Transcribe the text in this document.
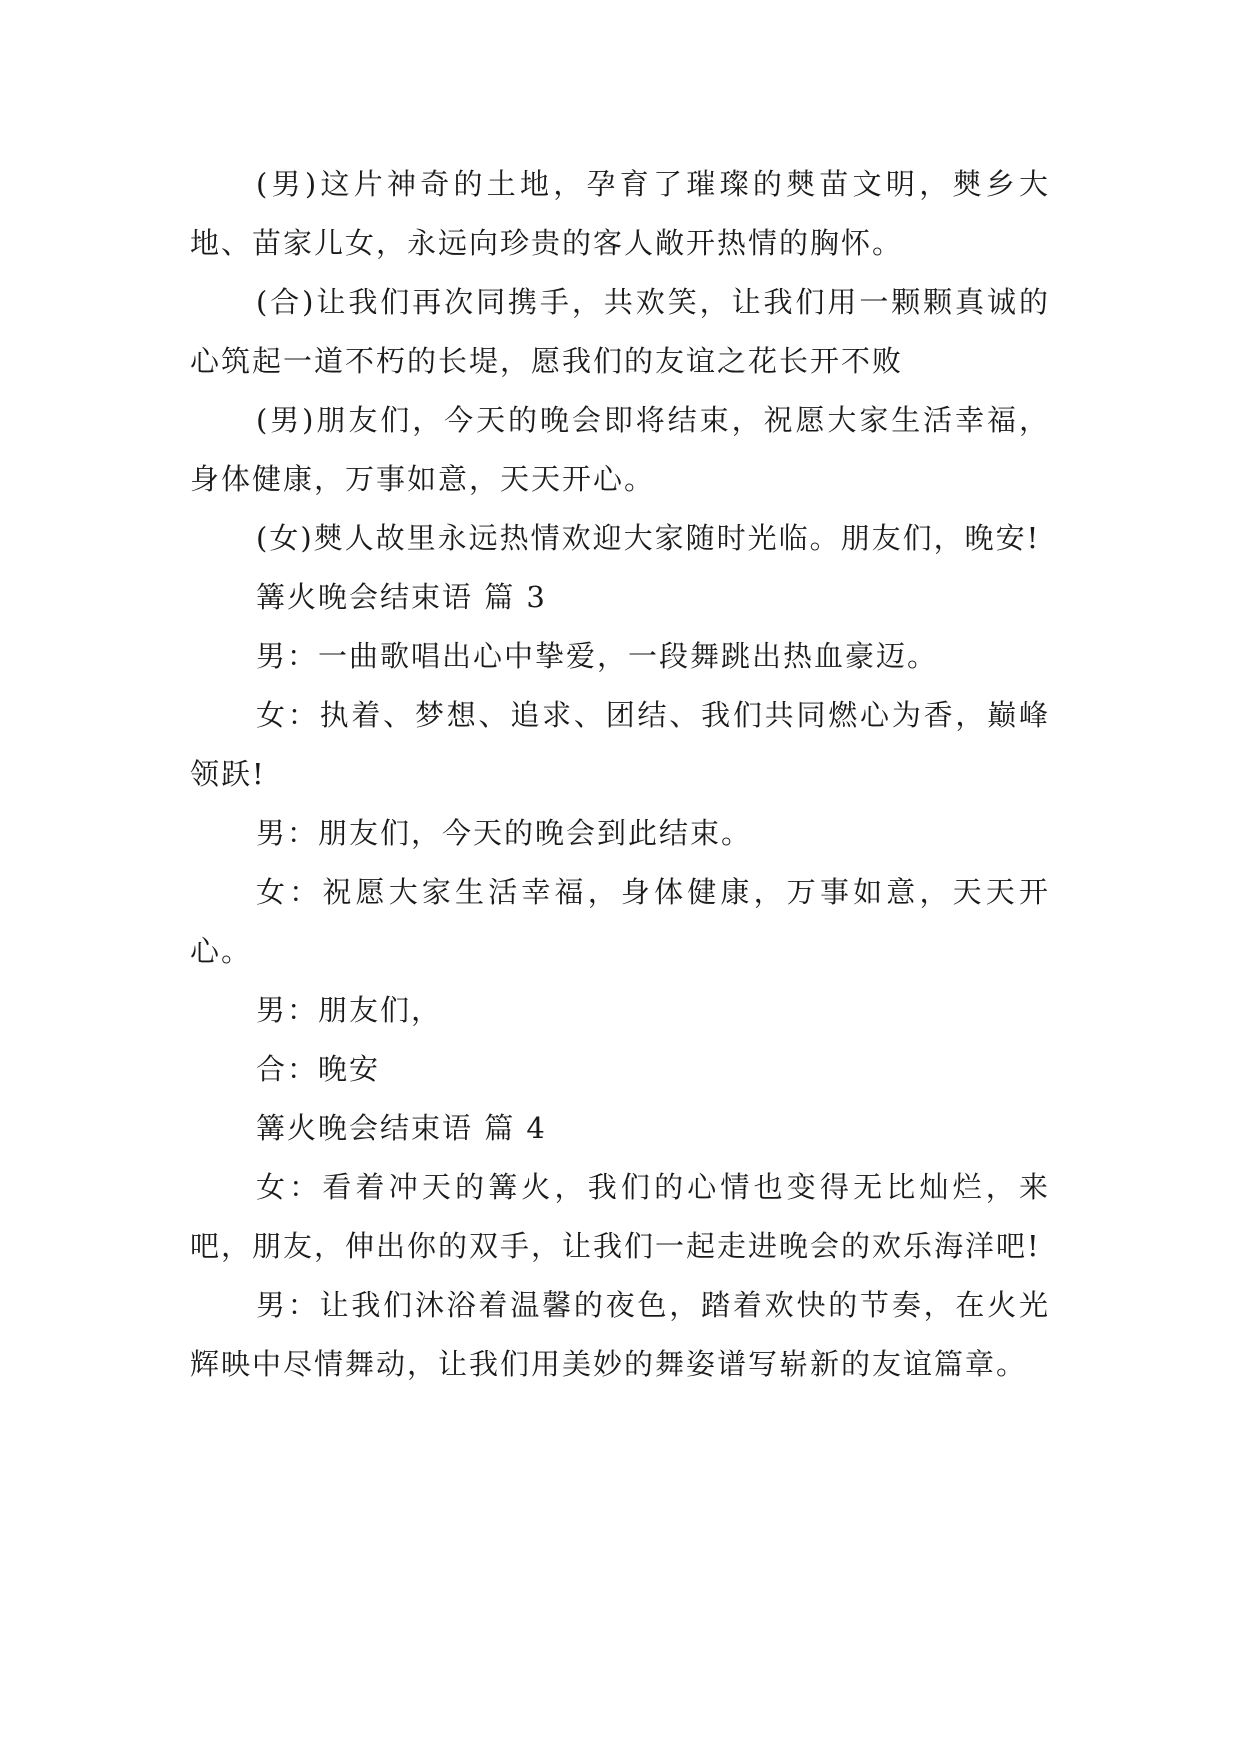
(男)这片神奇的土地，孕育了璀璨的僰苗文明，僰乡大地、苗家儿女，永远向珍贵的客人敞开热情的胸怀。

(合)让我们再次同携手，共欢笑，让我们用一颗颗真诚的心筑起一道不朽的长堤，愿我们的友谊之花长开不败

(男)朋友们，今天的晚会即将结束，祝愿大家生活幸福，身体健康，万事如意，天天开心。

(女)僰人故里永远热情欢迎大家随时光临。朋友们，晚安!

篝火晚会结束语 篇 3

男：一曲歌唱出心中挚爱，一段舞跳出热血豪迈。

女：执着、梦想、追求、团结、我们共同燃心为香，巅峰领跃!

男：朋友们，今天的晚会到此结束。

女：祝愿大家生活幸福，身体健康，万事如意，天天开心。

男：朋友们，

合：晚安

篝火晚会结束语 篇 4

女：看着冲天的篝火，我们的心情也变得无比灿烂，来吧，朋友，伸出你的双手，让我们一起走进晚会的欢乐海洋吧!

男：让我们沐浴着温馨的夜色，踏着欢快的节奏，在火光辉映中尽情舞动，让我们用美妙的舞姿谱写崭新的友谊篇章。
